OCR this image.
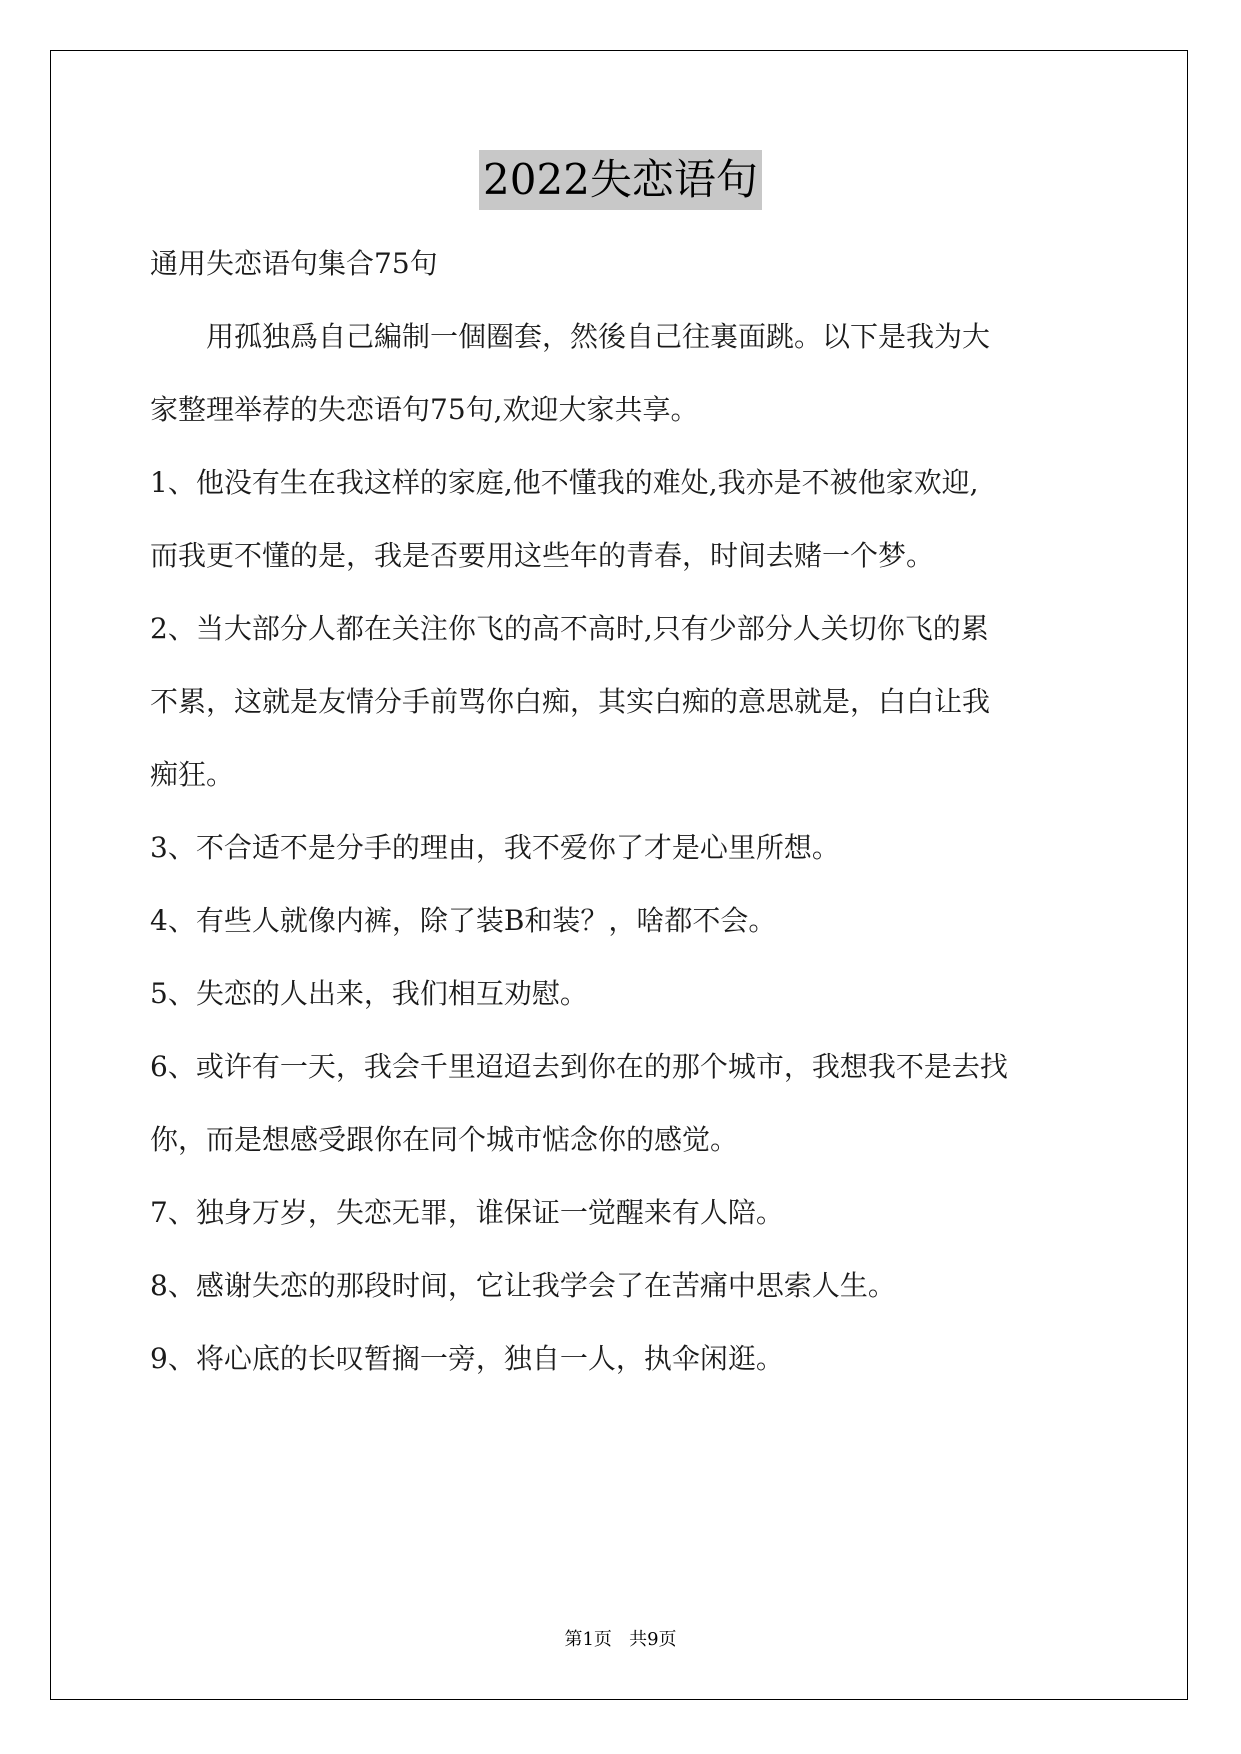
2022失恋语句
通用失恋语句集合75句
　　用孤独爲自己編制一個圈套，然後自己往裏面跳。以下是我为大
家整理举荐的失恋语句75句,欢迎大家共享。
1、他没有生在我这样的家庭,他不懂我的难处,我亦是不被他家欢迎,
而我更不懂的是，我是否要用这些年的青春，时间去赌一个梦。
2、当大部分人都在关注你飞的高不高时,只有少部分人关切你飞的累
不累，这就是友情分手前骂你白痴，其实白痴的意思就是，白白让我
痴狂。
3、不合适不是分手的理由，我不爱你了才是心里所想。
4、有些人就像内裤，除了装B和装？，啥都不会。
5、失恋的人出来，我们相互劝慰。
6、或许有一天，我会千里迢迢去到你在的那个城市，我想我不是去找
你，而是想感受跟你在同个城市惦念你的感觉。
7、独身万岁，失恋无罪，谁保证一觉醒来有人陪。
8、感谢失恋的那段时间，它让我学会了在苦痛中思索人生。
9、将心底的长叹暂搁一旁，独自一人，执伞闲逛。
第1页   共9页
